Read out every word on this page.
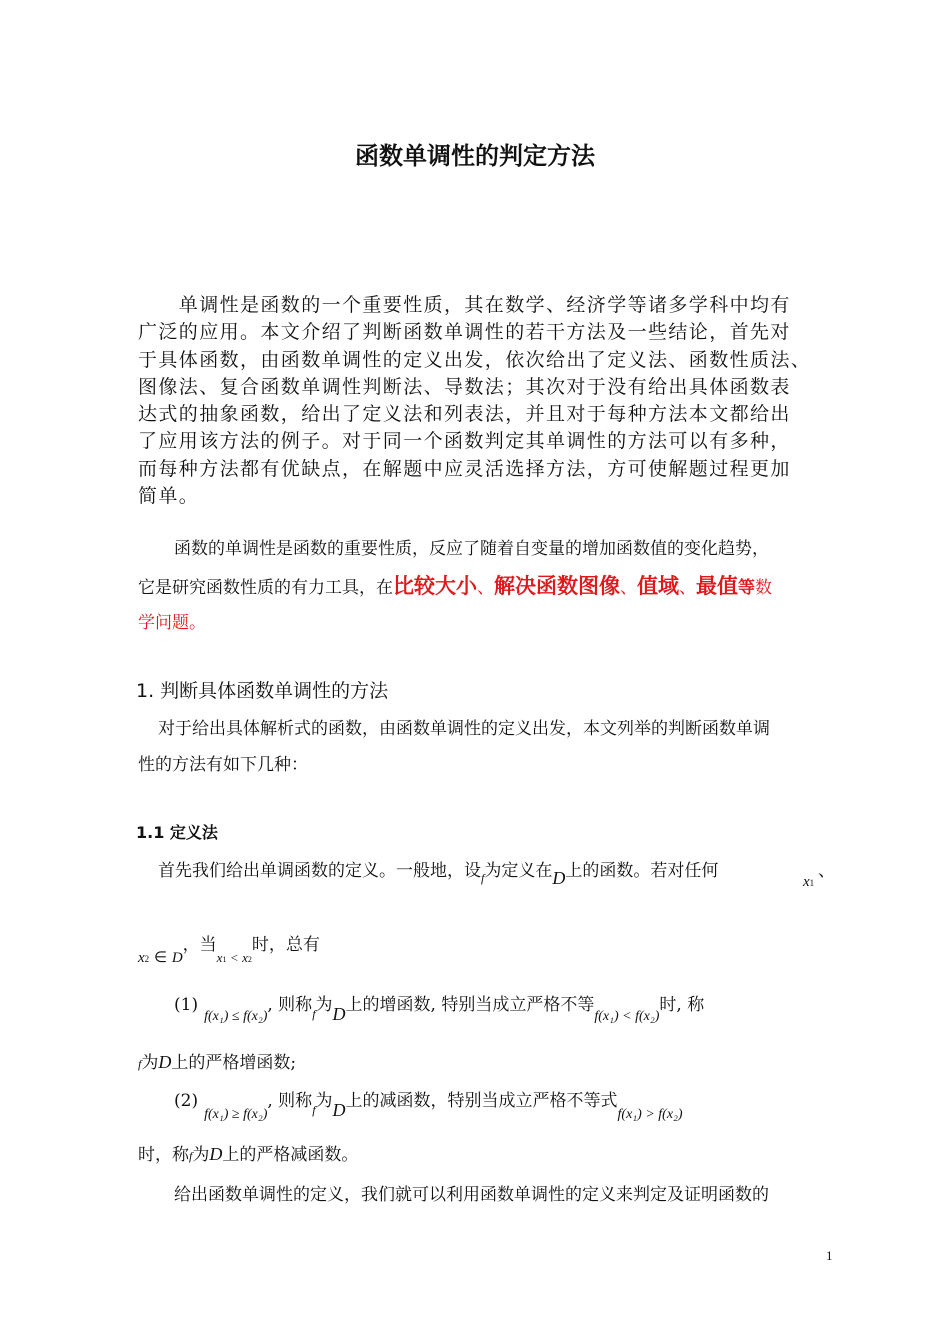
函数单调性的判定方法
　　单调性是函数的一个重要性质，其在数学、经济学等诸多学科中均有
广泛的应用。本文介绍了判断函数单调性的若干方法及一些结论，首先对
于具体函数，由函数单调性的定义出发，依次给出了定义法、函数性质法、
图像法、复合函数单调性判断法、导数法；其次对于没有给出具体函数表
达式的抽象函数，给出了定义法和列表法，并且对于每种方法本文都给出
了应用该方法的例子。对于同一个函数判定其单调性的方法可以有多种，
而每种方法都有优缺点，在解题中应灵活选择方法，方可使解题过程更加
简单。
函数的单调性是函数的重要性质，反应了随着自变量的增加函数值的变化趋势，
它是研究函数性质的有力工具，在比较大小、解决函数图像、值域、最值等数
学问题。
1. 判断具体函数单调性的方法
对于给出具体解析式的函数，由函数单调性的定义出发，本文列举的判断函数单调
性的方法有如下几种：
1.1 定义法
首先我们给出单调函数的定义。一般地，设$_f$为定义在D上的函数。若对任何
x1
、
x2 ∈ D，当$_{x1 < x2}$时，总有
$(1)_{f(x_1) \le f(x_2)}$, 则称$_f$为D上的增函数, 特别当成立严格不等$_{f(x_1) < f(x_2)}$时, 称
f为D上的严格增函数;
$(2)_{f(x_1) \ge f(x_2)}$, 则称$_f$为D上的减函数，特别当成立严格不等式$_{f(x_1) > f(x_2)}$
时，称f为D上的严格减函数。
给出函数单调性的定义，我们就可以利用函数单调性的定义来判定及证明函数的
1
